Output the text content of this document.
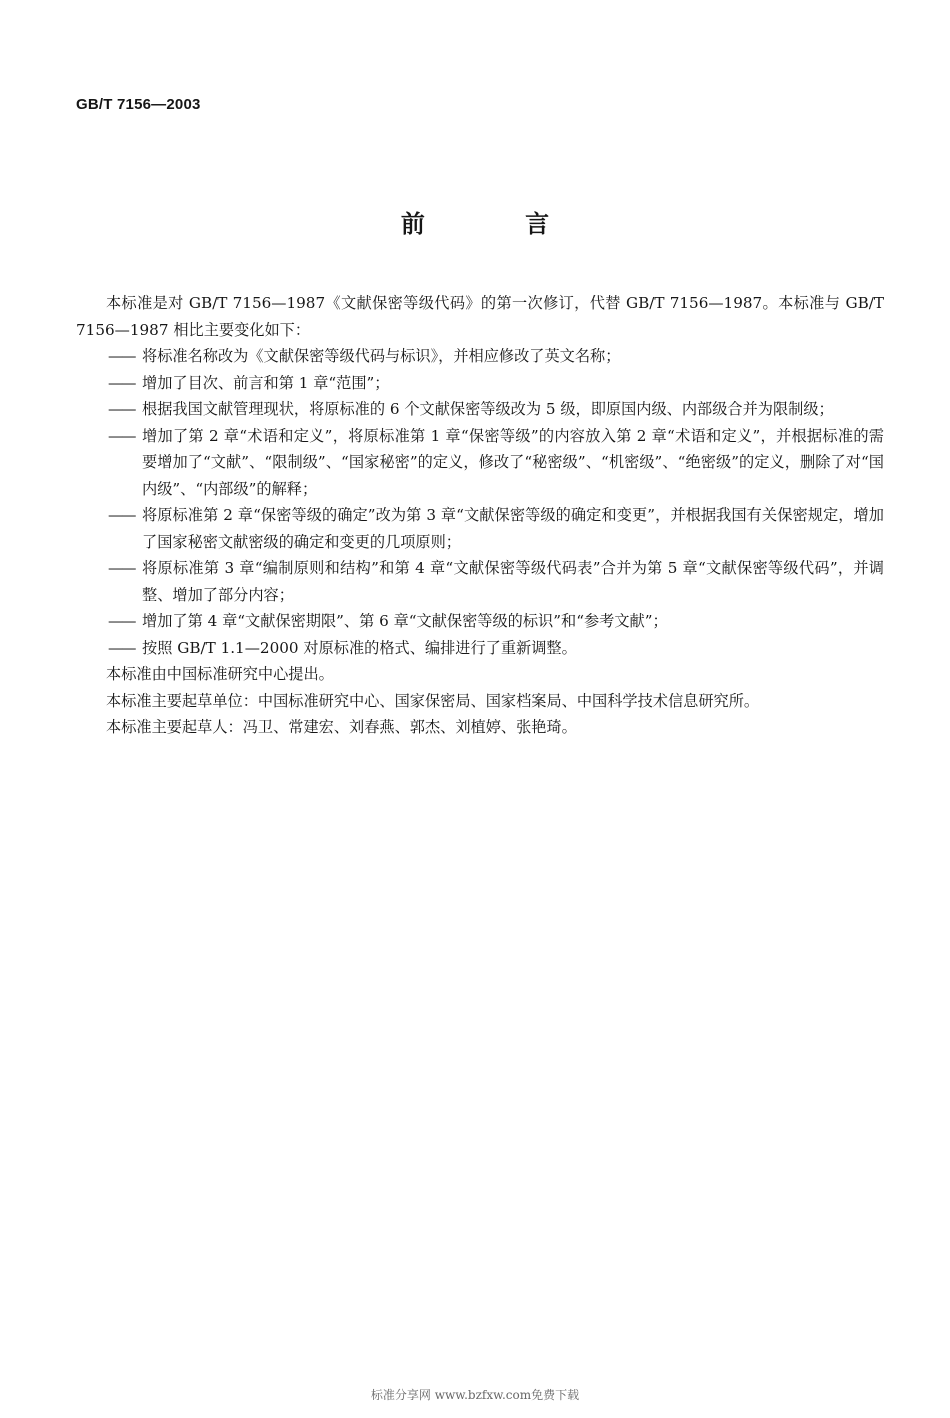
GB/T 7156—2003

前 言

本标准是对 GB/T 7156—1987《文献保密等级代码》的第一次修订，代替 GB/T 7156—1987。本标准与 GB/T 7156—1987 相比主要变化如下：

—— 将标准名称改为《文献保密等级代码与标识》，并相应修改了英文名称；
—— 增加了目次、前言和第 1 章“范围”；
—— 根据我国文献管理现状，将原标准的 6 个文献保密等级改为 5 级，即原国内级、内部级合并为限制级；
—— 增加了第 2 章“术语和定义”，将原标准第 1 章“保密等级”的内容放入第 2 章“术语和定义”，并根据标准的需要增加了“文献”、“限制级”、“国家秘密”的定义，修改了“秘密级”、“机密级”、“绝密级”的定义，删除了对“国内级”、“内部级”的解释；
—— 将原标准第 2 章“保密等级的确定”改为第 3 章“文献保密等级的确定和变更”，并根据我国有关保密规定，增加了国家秘密文献密级的确定和变更的几项原则；
—— 将原标准第 3 章“编制原则和结构”和第 4 章“文献保密等级代码表”合并为第 5 章“文献保密等级代码”，并调整、增加了部分内容；
—— 增加了第 4 章“文献保密期限”、第 6 章“文献保密等级的标识”和“参考文献”；
—— 按照 GB/T 1.1—2000 对原标准的格式、编排进行了重新调整。

本标准由中国标准研究中心提出。

本标准主要起草单位：中国标准研究中心、国家保密局、国家档案局、中国科学技术信息研究所。

本标准主要起草人：冯卫、常建宏、刘春燕、郭杰、刘植婷、张艳琦。

标准分享网 www.bzfxw.com免费下载
